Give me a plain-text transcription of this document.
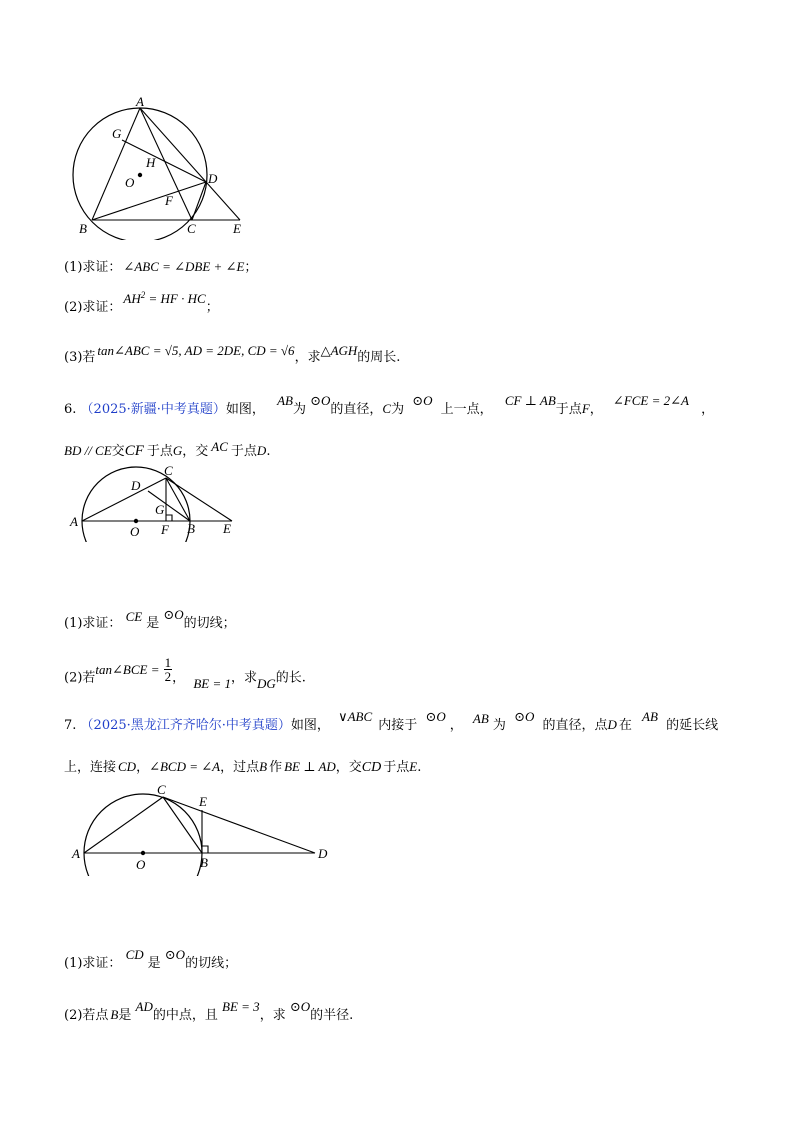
A
G
H
O	D
F
B	C	E
(1)求证： ∠ABC = ∠DBE + ∠E；
(2)求证：$AH^2$ = HF · HC；
(3)若 tan∠ABC = √5, AD = 2DE, CD = √6，求△AGH的周长.
6. （2025·新疆·中考真题）如图， AB为 ⊙O的直径，C为 ⊙O 上一点， CF ⊥ AB于点F， ∠FCE = 2∠A ，
BD // CE交CF 于点G，交 AC 于点D.
C
D
G
A
O F B E
(1)求证： CE 是 ⊙O的切线；
(2)若tan∠BCE = $\frac{1}{2}$ ， BE = 1，求DG的长.
7. （2025·黑龙江齐齐哈尔·中考真题）如图， ∨ABC 内接于 ⊙O， AB 为 ⊙O 的直径，点D 在 AB 的延长线
上，连接 CD，∠BCD = ∠A，过点B 作 BE ⊥ AD，交CD 于点E.
C
E
A
O	B
D
(1)求证： CD是 ⊙O的切线；
(2)若点 B是 AD的中点，且 BE = 3，求 ⊙O的半径.
